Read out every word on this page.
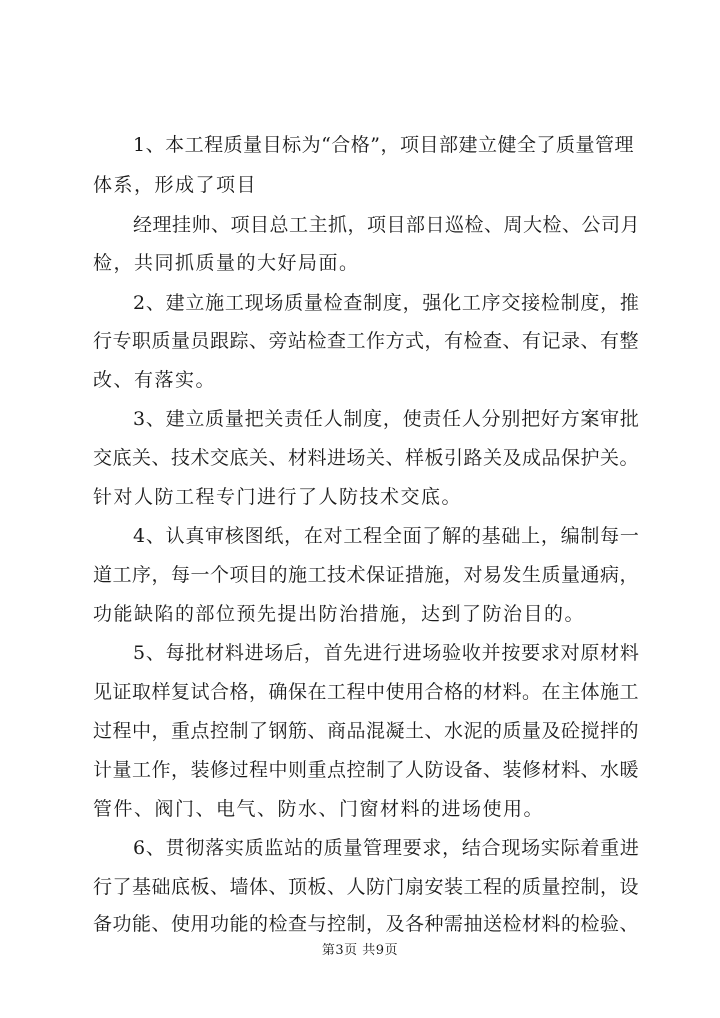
1、本工程质量目标为“合格”，项目部建立健全了质量管理
体系，形成了项目
经理挂帅、项目总工主抓，项目部日巡检、周大检、公司月
检，共同抓质量的大好局面。
2、建立施工现场质量检查制度，强化工序交接检制度，推
行专职质量员跟踪、旁站检查工作方式，有检查、有记录、有整
改、有落实。
3、建立质量把关责任人制度，使责任人分别把好方案审批
交底关、技术交底关、材料进场关、样板引路关及成品保护关。
针对人防工程专门进行了人防技术交底。
4、认真审核图纸，在对工程全面了解的基础上，编制每一
道工序，每一个项目的施工技术保证措施，对易发生质量通病，
功能缺陷的部位预先提出防治措施，达到了防治目的。
5、每批材料进场后，首先进行进场验收并按要求对原材料
见证取样复试合格，确保在工程中使用合格的材料。在主体施工
过程中，重点控制了钢筋、商品混凝土、水泥的质量及砼搅拌的
计量工作，装修过程中则重点控制了人防设备、装修材料、水暖
管件、阀门、电气、防水、门窗材料的进场使用。
6、贯彻落实质监站的质量管理要求，结合现场实际着重进
行了基础底板、墙体、顶板、人防门扇安装工程的质量控制，设
备功能、使用功能的检查与控制，及各种需抽送检材料的检验、
第3页 共9页
